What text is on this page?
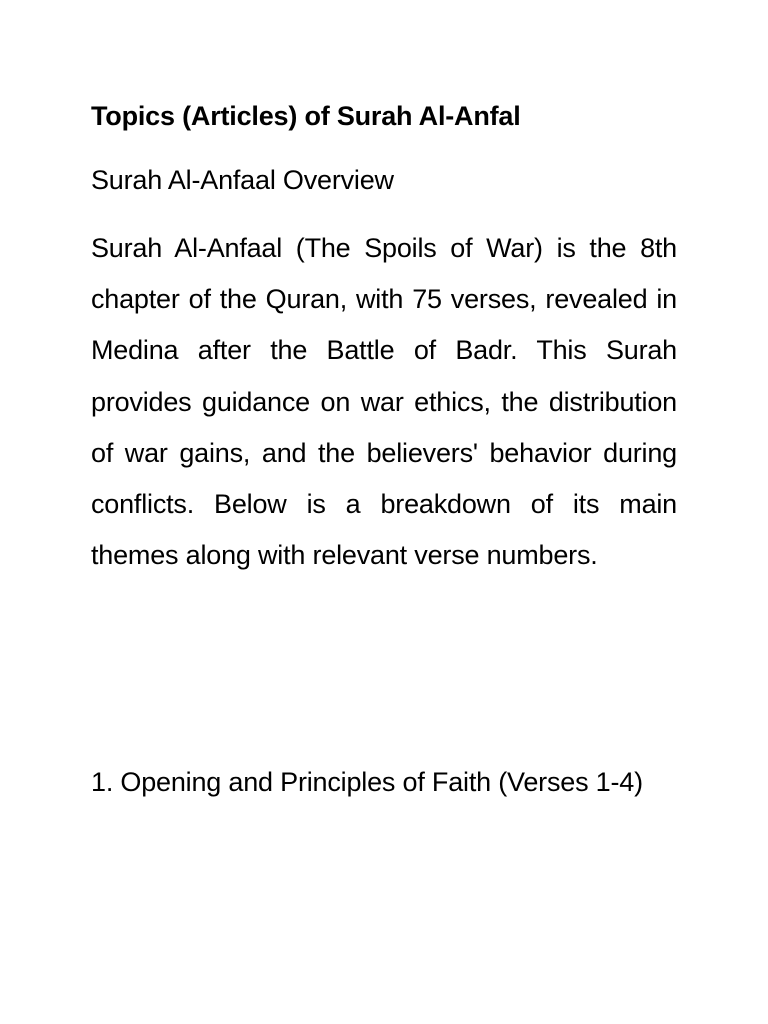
Topics (Articles) of Surah Al-Anfal
Surah Al-Anfaal Overview
Surah Al-Anfaal (The Spoils of War) is the 8th chapter of the Quran, with 75 verses, revealed in Medina after the Battle of Badr. This Surah provides guidance on war ethics, the distribution of war gains, and the believers' behavior during conflicts. Below is a breakdown of its main themes along with relevant verse numbers.
1. Opening and Principles of Faith (Verses 1-4)
